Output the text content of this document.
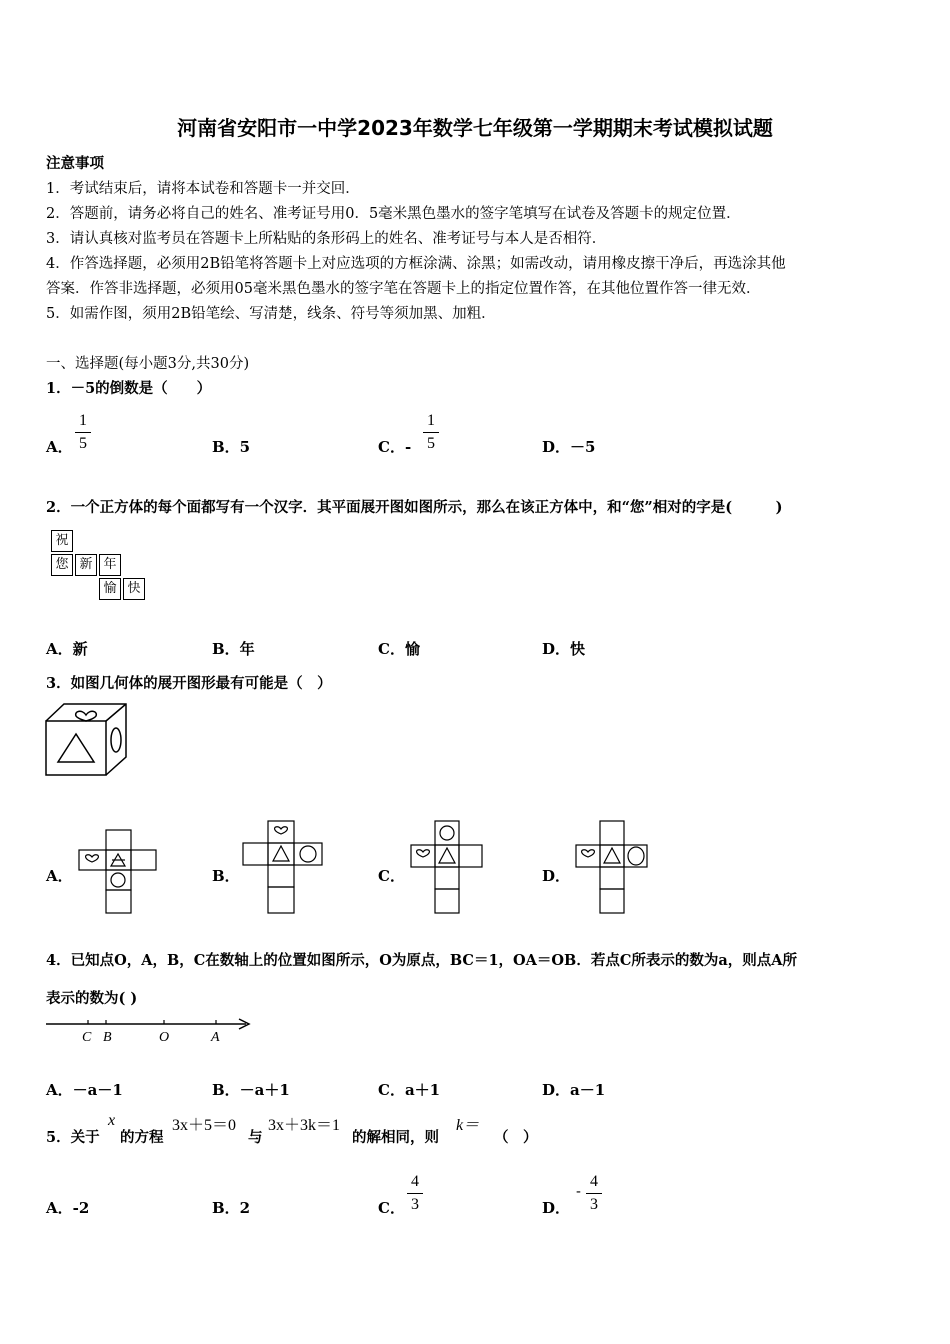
河南省安阳市一中学2023年数学七年级第一学期期末考试模拟试题
注意事项
1．考试结束后，请将本试卷和答题卡一并交回．
2．答题前，请务必将自己的姓名、准考证号用0．5毫米黑色墨水的签字笔填写在试卷及答题卡的规定位置．
3．请认真核对监考员在答题卡上所粘贴的条形码上的姓名、准考证号与本人是否相符．
4．作答选择题，必须用2B铅笔将答题卡上对应选项的方框涂满、涂黑；如需改动，请用橡皮擦干净后，再选涂其他
答案．作答非选择题，必须用05毫米黑色墨水的签字笔在答题卡上的指定位置作答，在其他位置作答一律无效．
5．如需作图，须用2B铅笔绘、写清楚，线条、符号等须加黑、加粗．
一、选择题(每小题3分,共30分)
1．－5的倒数是（　　）
A．
1
5	B．5	C．-
1
5	D．－5
2．一个正方体的每个面都写有一个汉字．其平面展开图如图所示，那么在该正方体中，和“您”相对的字是(　　　)
祝
您 新 年
愉 快
A．新	B．年	C．愉	D．快
3．如图几何体的展开图形最有可能是（　）
A．	B．	C．	D．
4．已知点O，A，B，C在数轴上的位置如图所示，O为原点，BC＝1，OA＝OB．若点C所表示的数为a，则点A所
表示的数为( )
C B	O	A
A．－a－1	B．－a＋1	C．a＋1	D．a－1
5．关于
x
的方程
3x＋5＝0
与
3x＋3k＝1
的解相同，则
k＝
（　）
A．-2	B．2	C．
4
3	D．
-
4
3
